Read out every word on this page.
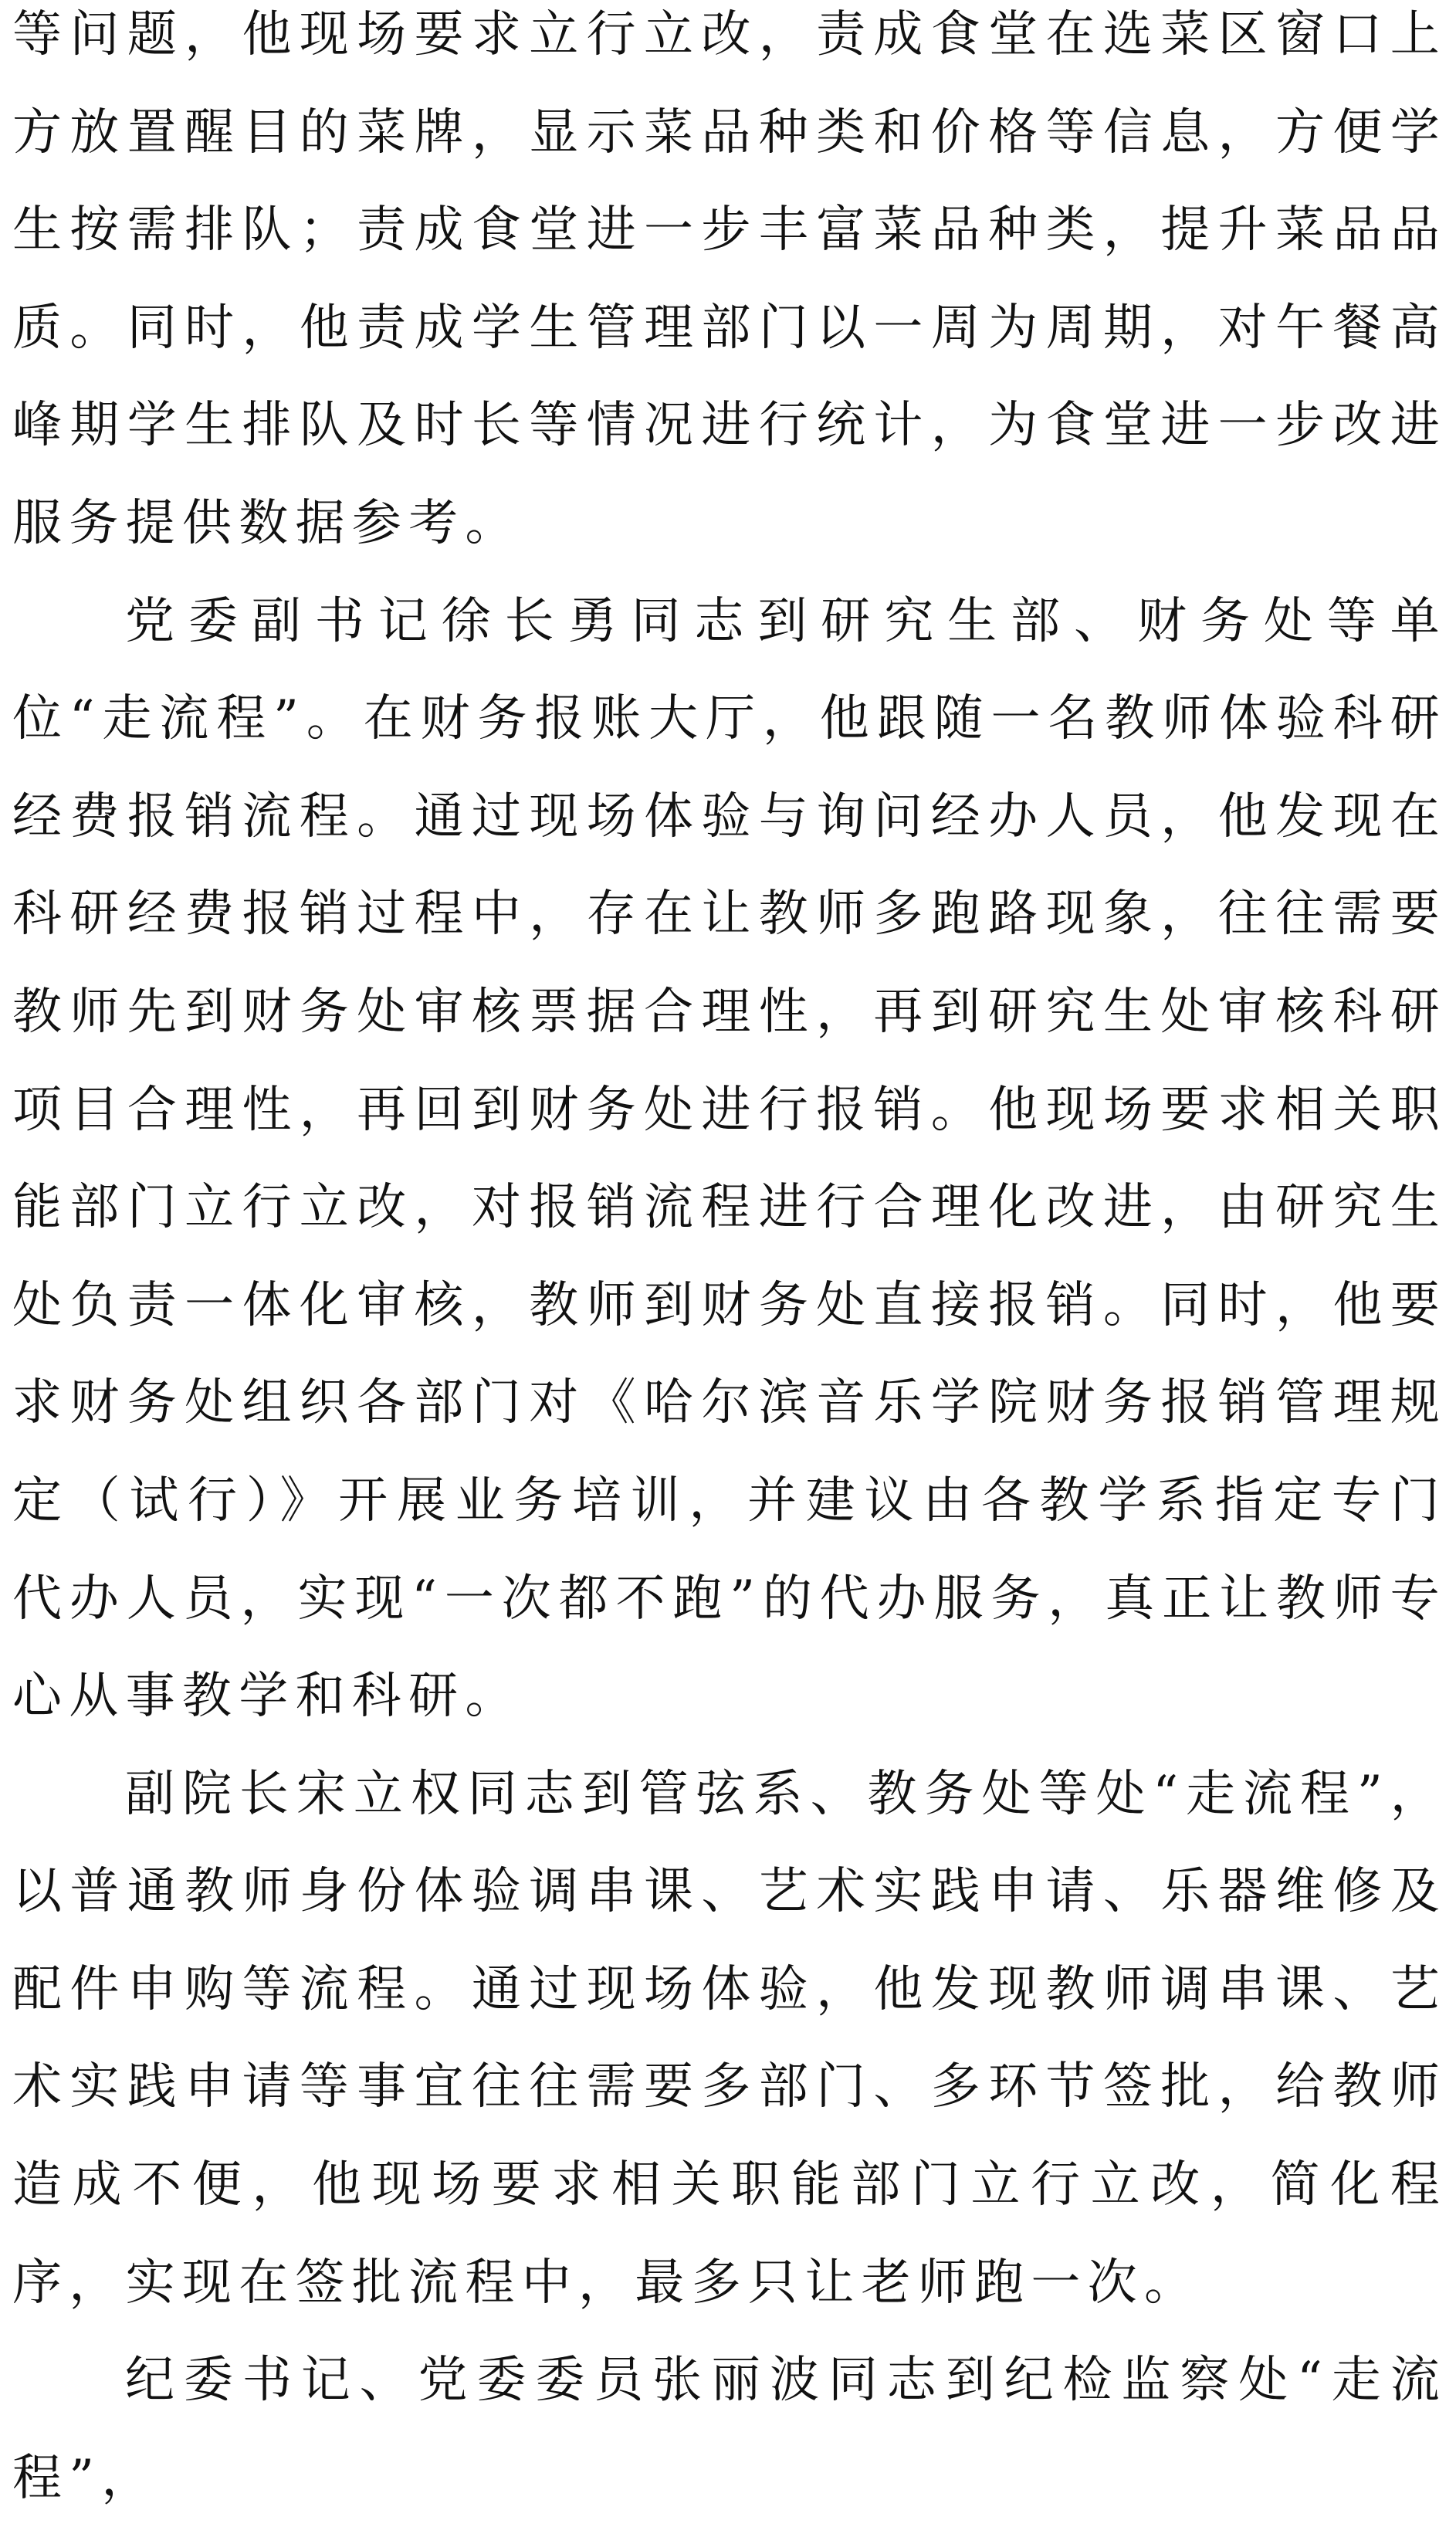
等问题，他现场要求立行立改，责成食堂在选菜区窗口上方放置醒目的菜牌，显示菜品种类和价格等信息，方便学生按需排队；责成食堂进一步丰富菜品种类，提升菜品品质。同时，他责成学生管理部门以一周为周期，对午餐高峰期学生排队及时长等情况进行统计，为食堂进一步改进服务提供数据参考。

党委副书记徐长勇同志到研究生部、财务处等单位“走流程”。在财务报账大厅，他跟随一名教师体验科研经费报销流程。通过现场体验与询问经办人员，他发现在科研经费报销过程中，存在让教师多跑路现象，往往需要教师先到财务处审核票据合理性，再到研究生处审核科研项目合理性，再回到财务处进行报销。他现场要求相关职能部门立行立改，对报销流程进行合理化改进，由研究生处负责一体化审核，教师到财务处直接报销。同时，他要求财务处组织各部门对《哈尔滨音乐学院财务报销管理规定（试行）》开展业务培训，并建议由各教学系指定专门代办人员，实现“一次都不跑”的代办服务，真正让教师专心从事教学和科研。

副院长宋立权同志到管弦系、教务处等处“走流程”，以普通教师身份体验调串课、艺术实践申请、乐器维修及配件申购等流程。通过现场体验，他发现教师调串课、艺术实践申请等事宜往往需要多部门、多环节签批，给教师造成不便，他现场要求相关职能部门立行立改，简化程序，实现在签批流程中，最多只让老师跑一次。

纪委书记、党委委员张丽波同志到纪检监察处“走流程”，
